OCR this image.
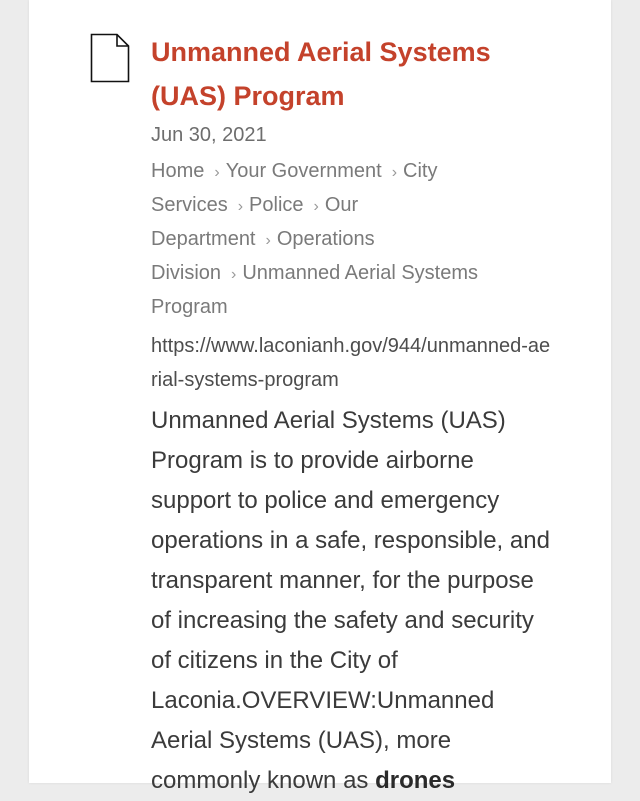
Unmanned Aerial Systems (UAS) Program
Jun 30, 2021
Home › Your Government › City Services › Police › Our Department › Operations Division › Unmanned Aerial Systems Program
https://www.laconianh.gov/944/unmanned-aerial-systems-program
Unmanned Aerial Systems (UAS) Program is to provide airborne support to police and emergency operations in a safe, responsible, and transparent manner, for the purpose of increasing the safety and security of citizens in the City of Laconia.OVERVIEW:Unmanned Aerial Systems (UAS), more commonly known as drones
